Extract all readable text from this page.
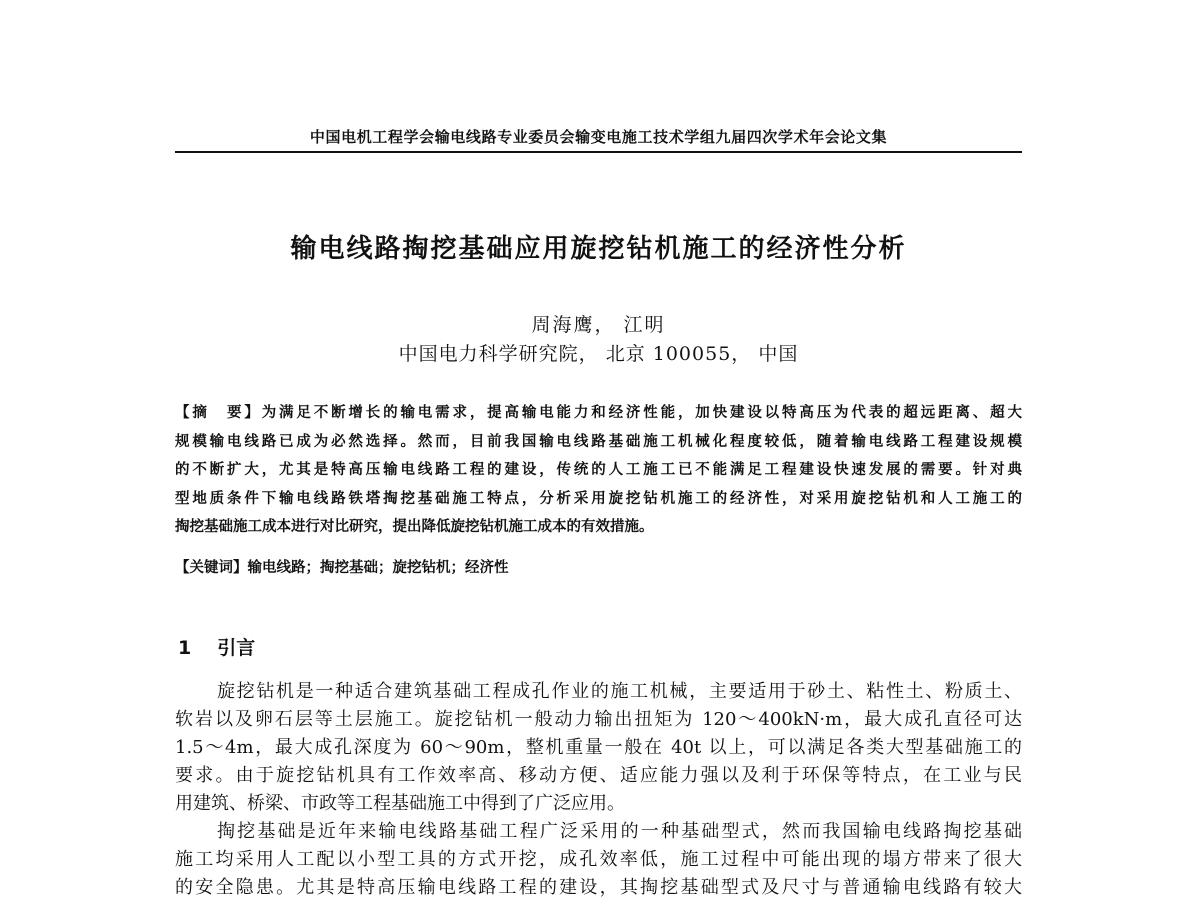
中国电机工程学会输电线路专业委员会输变电施工技术学组九届四次学术年会论文集
输电线路掏挖基础应用旋挖钻机施工的经济性分析
周海鹰， 江明
中国电力科学研究院， 北京 100055， 中国
【摘　要】为满足不断增长的输电需求，提高输电能力和经济性能，加快建设以特高压为代表的超远距离、超大
规模输电线路已成为必然选择。然而，目前我国输电线路基础施工机械化程度较低，随着输电线路工程建设规模
的不断扩大，尤其是特高压输电线路工程的建设，传统的人工施工已不能满足工程建设快速发展的需要。针对典
型地质条件下输电线路铁塔掏挖基础施工特点，分析采用旋挖钻机施工的经济性，对采用旋挖钻机和人工施工的
掏挖基础施工成本进行对比研究，提出降低旋挖钻机施工成本的有效措施。
【关键词】输电线路；掏挖基础；旋挖钻机；经济性
1 引言
旋挖钻机是一种适合建筑基础工程成孔作业的施工机械，主要适用于砂土、粘性土、粉质土、
软岩以及卵石层等土层施工。旋挖钻机一般动力输出扭矩为 120～400kN·m，最大成孔直径可达
1.5～4m，最大成孔深度为 60～90m，整机重量一般在 40t 以上，可以满足各类大型基础施工的
要求。由于旋挖钻机具有工作效率高、移动方便、适应能力强以及利于环保等特点，在工业与民
用建筑、桥梁、市政等工程基础施工中得到了广泛应用。
掏挖基础是近年来输电线路基础工程广泛采用的一种基础型式，然而我国输电线路掏挖基础
施工均采用人工配以小型工具的方式开挖，成孔效率低，施工过程中可能出现的塌方带来了很大
的安全隐患。尤其是特高压输电线路工程的建设，其掏挖基础型式及尺寸与普通输电线路有较大
